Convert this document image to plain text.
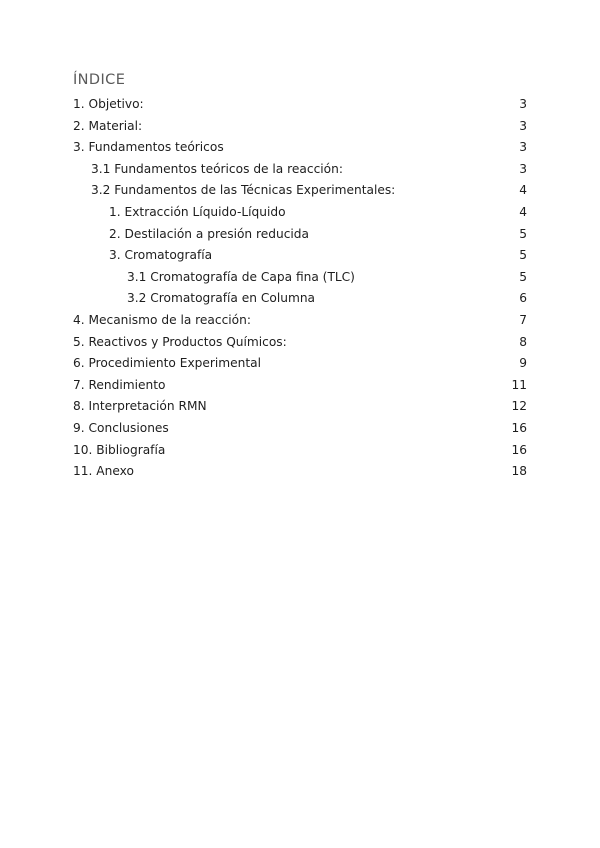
ÍNDICE
1. Objetivo:	3
2. Material:	3
3. Fundamentos teóricos	3
3.1 Fundamentos teóricos de la reacción:	3
3.2 Fundamentos de las Técnicas Experimentales:	4
1. Extracción Líquido-Líquido	4
2. Destilación a presión reducida	5
3. Cromatografía	5
3.1 Cromatografía de Capa fina (TLC)	5
3.2 Cromatografía en Columna	6
4. Mecanismo de la reacción:	7
5. Reactivos y Productos Químicos:	8
6. Procedimiento Experimental	9
7. Rendimiento	11
8. Interpretación RMN	12
9. Conclusiones	16
10. Bibliografía	16
11. Anexo	18
